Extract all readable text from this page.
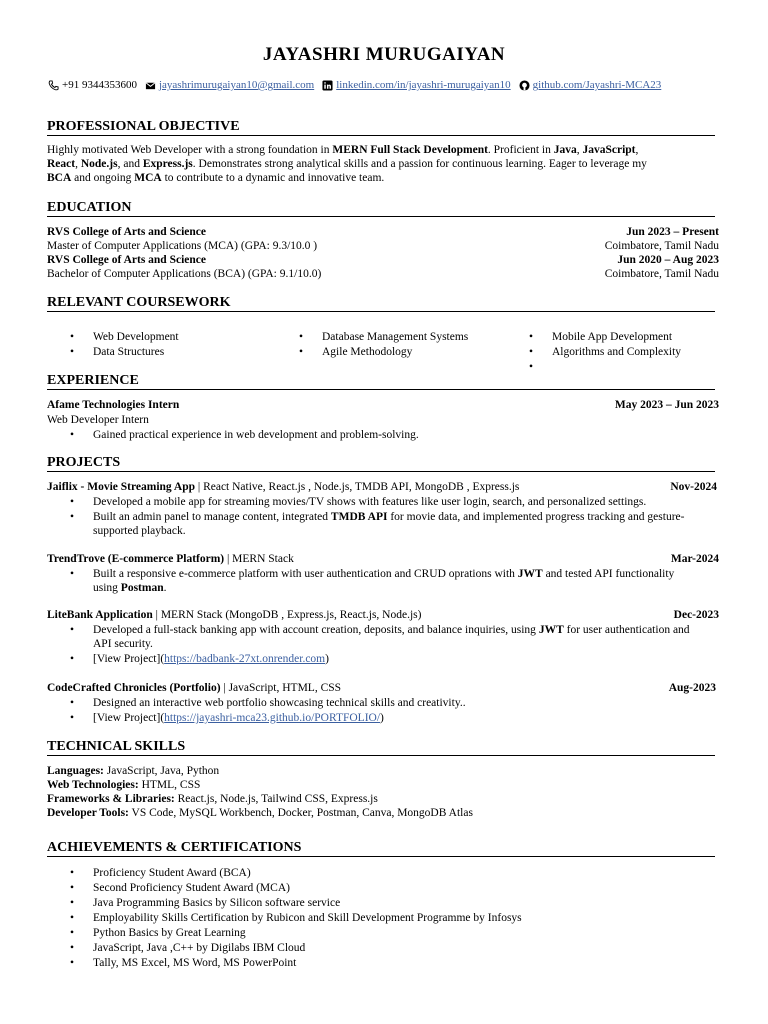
JAYASHRI MURUGAIYAN
+91 9344353600 jayashrimurugaiyan10@gmail.com linkedin.com/in/jayashri-murugaiyan10 github.com/Jayashri-MCA23
PROFESSIONAL OBJECTIVE
Highly motivated Web Developer with a strong foundation in MERN Full Stack Development. Proficient in Java, JavaScript,
React, Node.js, and Express.js. Demonstrates strong analytical skills and a passion for continuous learning. Eager to leverage my
BCA and ongoing MCA to contribute to a dynamic and innovative team.
EDUCATION
RVS College of Arts and Science	Jun 2023 – Present
Master of Computer Applications (MCA) (GPA: 9.3/10.0 )	Coimbatore, Tamil Nadu
RVS College of Arts and Science	Jun 2020 – Aug 2023
Bachelor of Computer Applications (BCA) (GPA: 9.1/10.0)	Coimbatore, Tamil Nadu
RELEVANT COURSEWORK
• Web Development
• Data Structures
• Database Management Systems
• Agile Methodology
• Mobile App Development
• Algorithms and Complexity
•
EXPERIENCE
Afame Technologies Intern	May 2023 – Jun 2023
Web Developer Intern
• Gained practical experience in web development and problem-solving.
PROJECTS
Jaiflix - Movie Streaming App | React Native, React.js , Node.js, TMDB API, MongoDB , Express.js	Nov-2024
• Developed a mobile app for streaming movies/TV shows with features like user login, search, and personalized settings.
• Built an admin panel to manage content, integrated TMDB API for movie data, and implemented progress tracking and gesture-supported playback.
TrendTrove (E-commerce Platform) | MERN Stack	Mar-2024
• Built a responsive e-commerce platform with user authentication and CRUD oprations with JWT and tested API functionality using Postman.
LiteBank Application | MERN Stack (MongoDB , Express.js, React.js, Node.js)	Dec-2023
• Developed a full-stack banking app with account creation, deposits, and balance inquiries, using JWT for user authentication and API security.
• [View Project](https://badbank-27xt.onrender.com)
CodeCrafted Chronicles (Portfolio) | JavaScript, HTML, CSS	Aug-2023
• Designed an interactive web portfolio showcasing technical skills and creativity..
• [View Project](https://jayashri-mca23.github.io/PORTFOLIO/)
TECHNICAL SKILLS
Languages: JavaScript, Java, Python
Web Technologies: HTML, CSS
Frameworks & Libraries: React.js, Node.js, Tailwind CSS, Express.js
Developer Tools: VS Code, MySQL Workbench, Docker, Postman, Canva, MongoDB Atlas
ACHIEVEMENTS & CERTIFICATIONS
• Proficiency Student Award (BCA)
• Second Proficiency Student Award (MCA)
• Java Programming Basics by Silicon software service
• Employability Skills Certification by Rubicon and Skill Development Programme by Infosys
• Python Basics by Great Learning
• JavaScript, Java ,C++ by Digilabs IBM Cloud
• Tally, MS Excel, MS Word, MS PowerPoint
